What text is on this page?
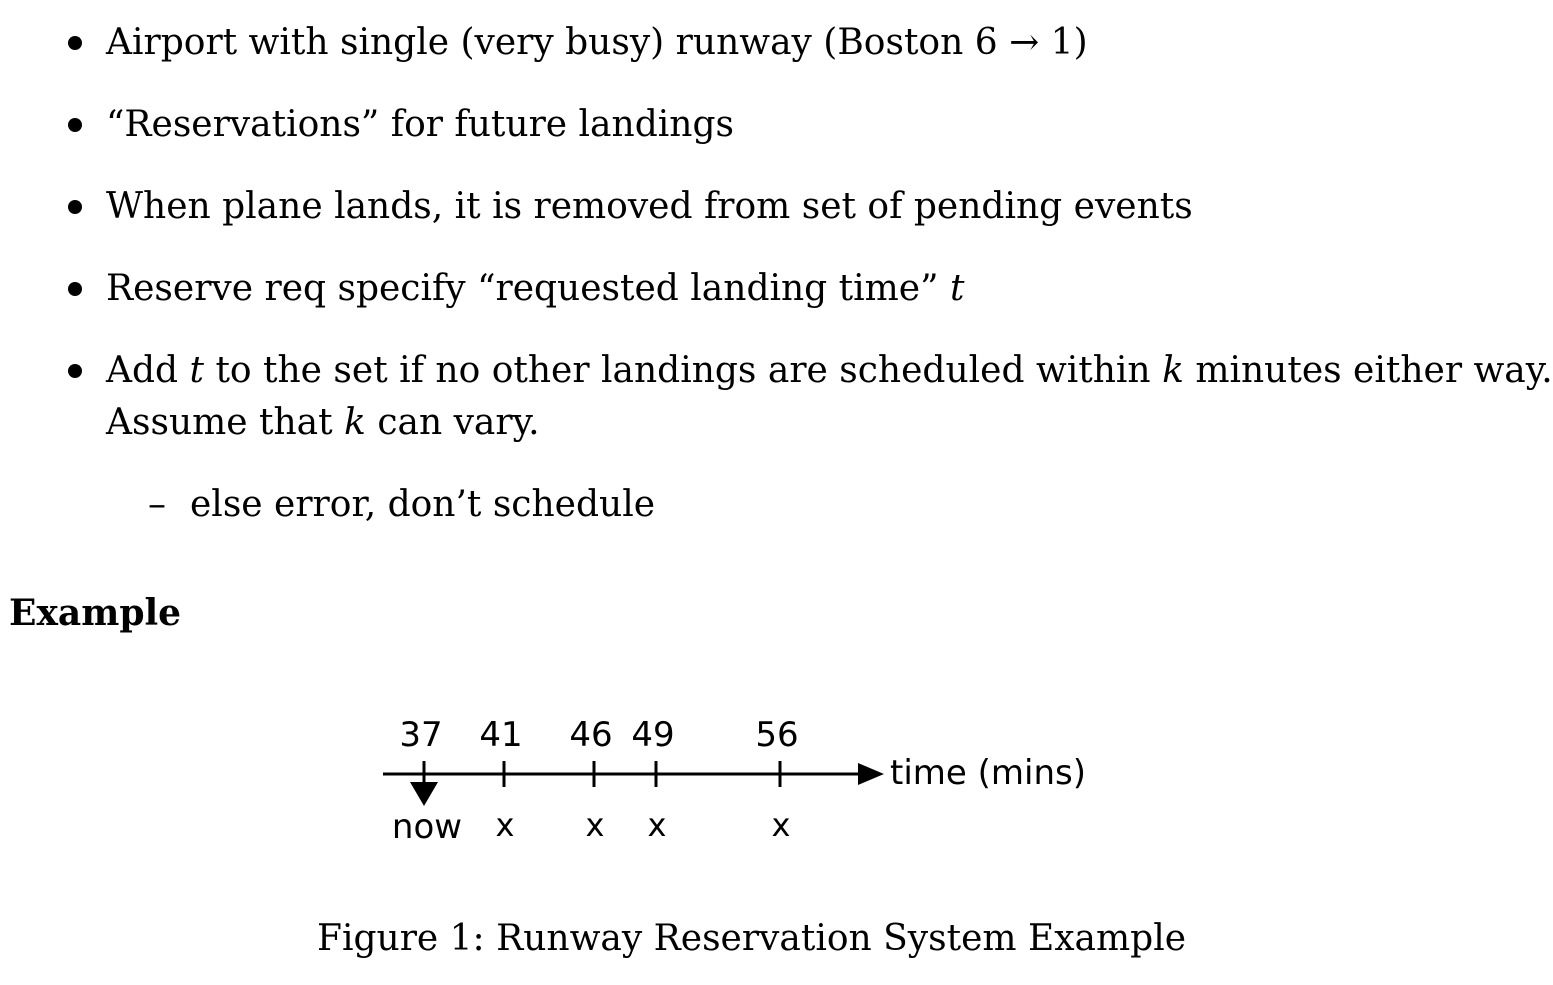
Airport with single (very busy) runway (Boston 6 → 1)
“Reservations” for future landings
When plane lands, it is removed from set of pending events
Reserve req specify “requested landing time” t
Add t to the set if no other landings are scheduled within k minutes either way.
Assume that k can vary.
– else error, don’t schedule
Example
time (mins)
37 41 46 49 56
now x x x	x
Figure 1: Runway Reservation System Example
